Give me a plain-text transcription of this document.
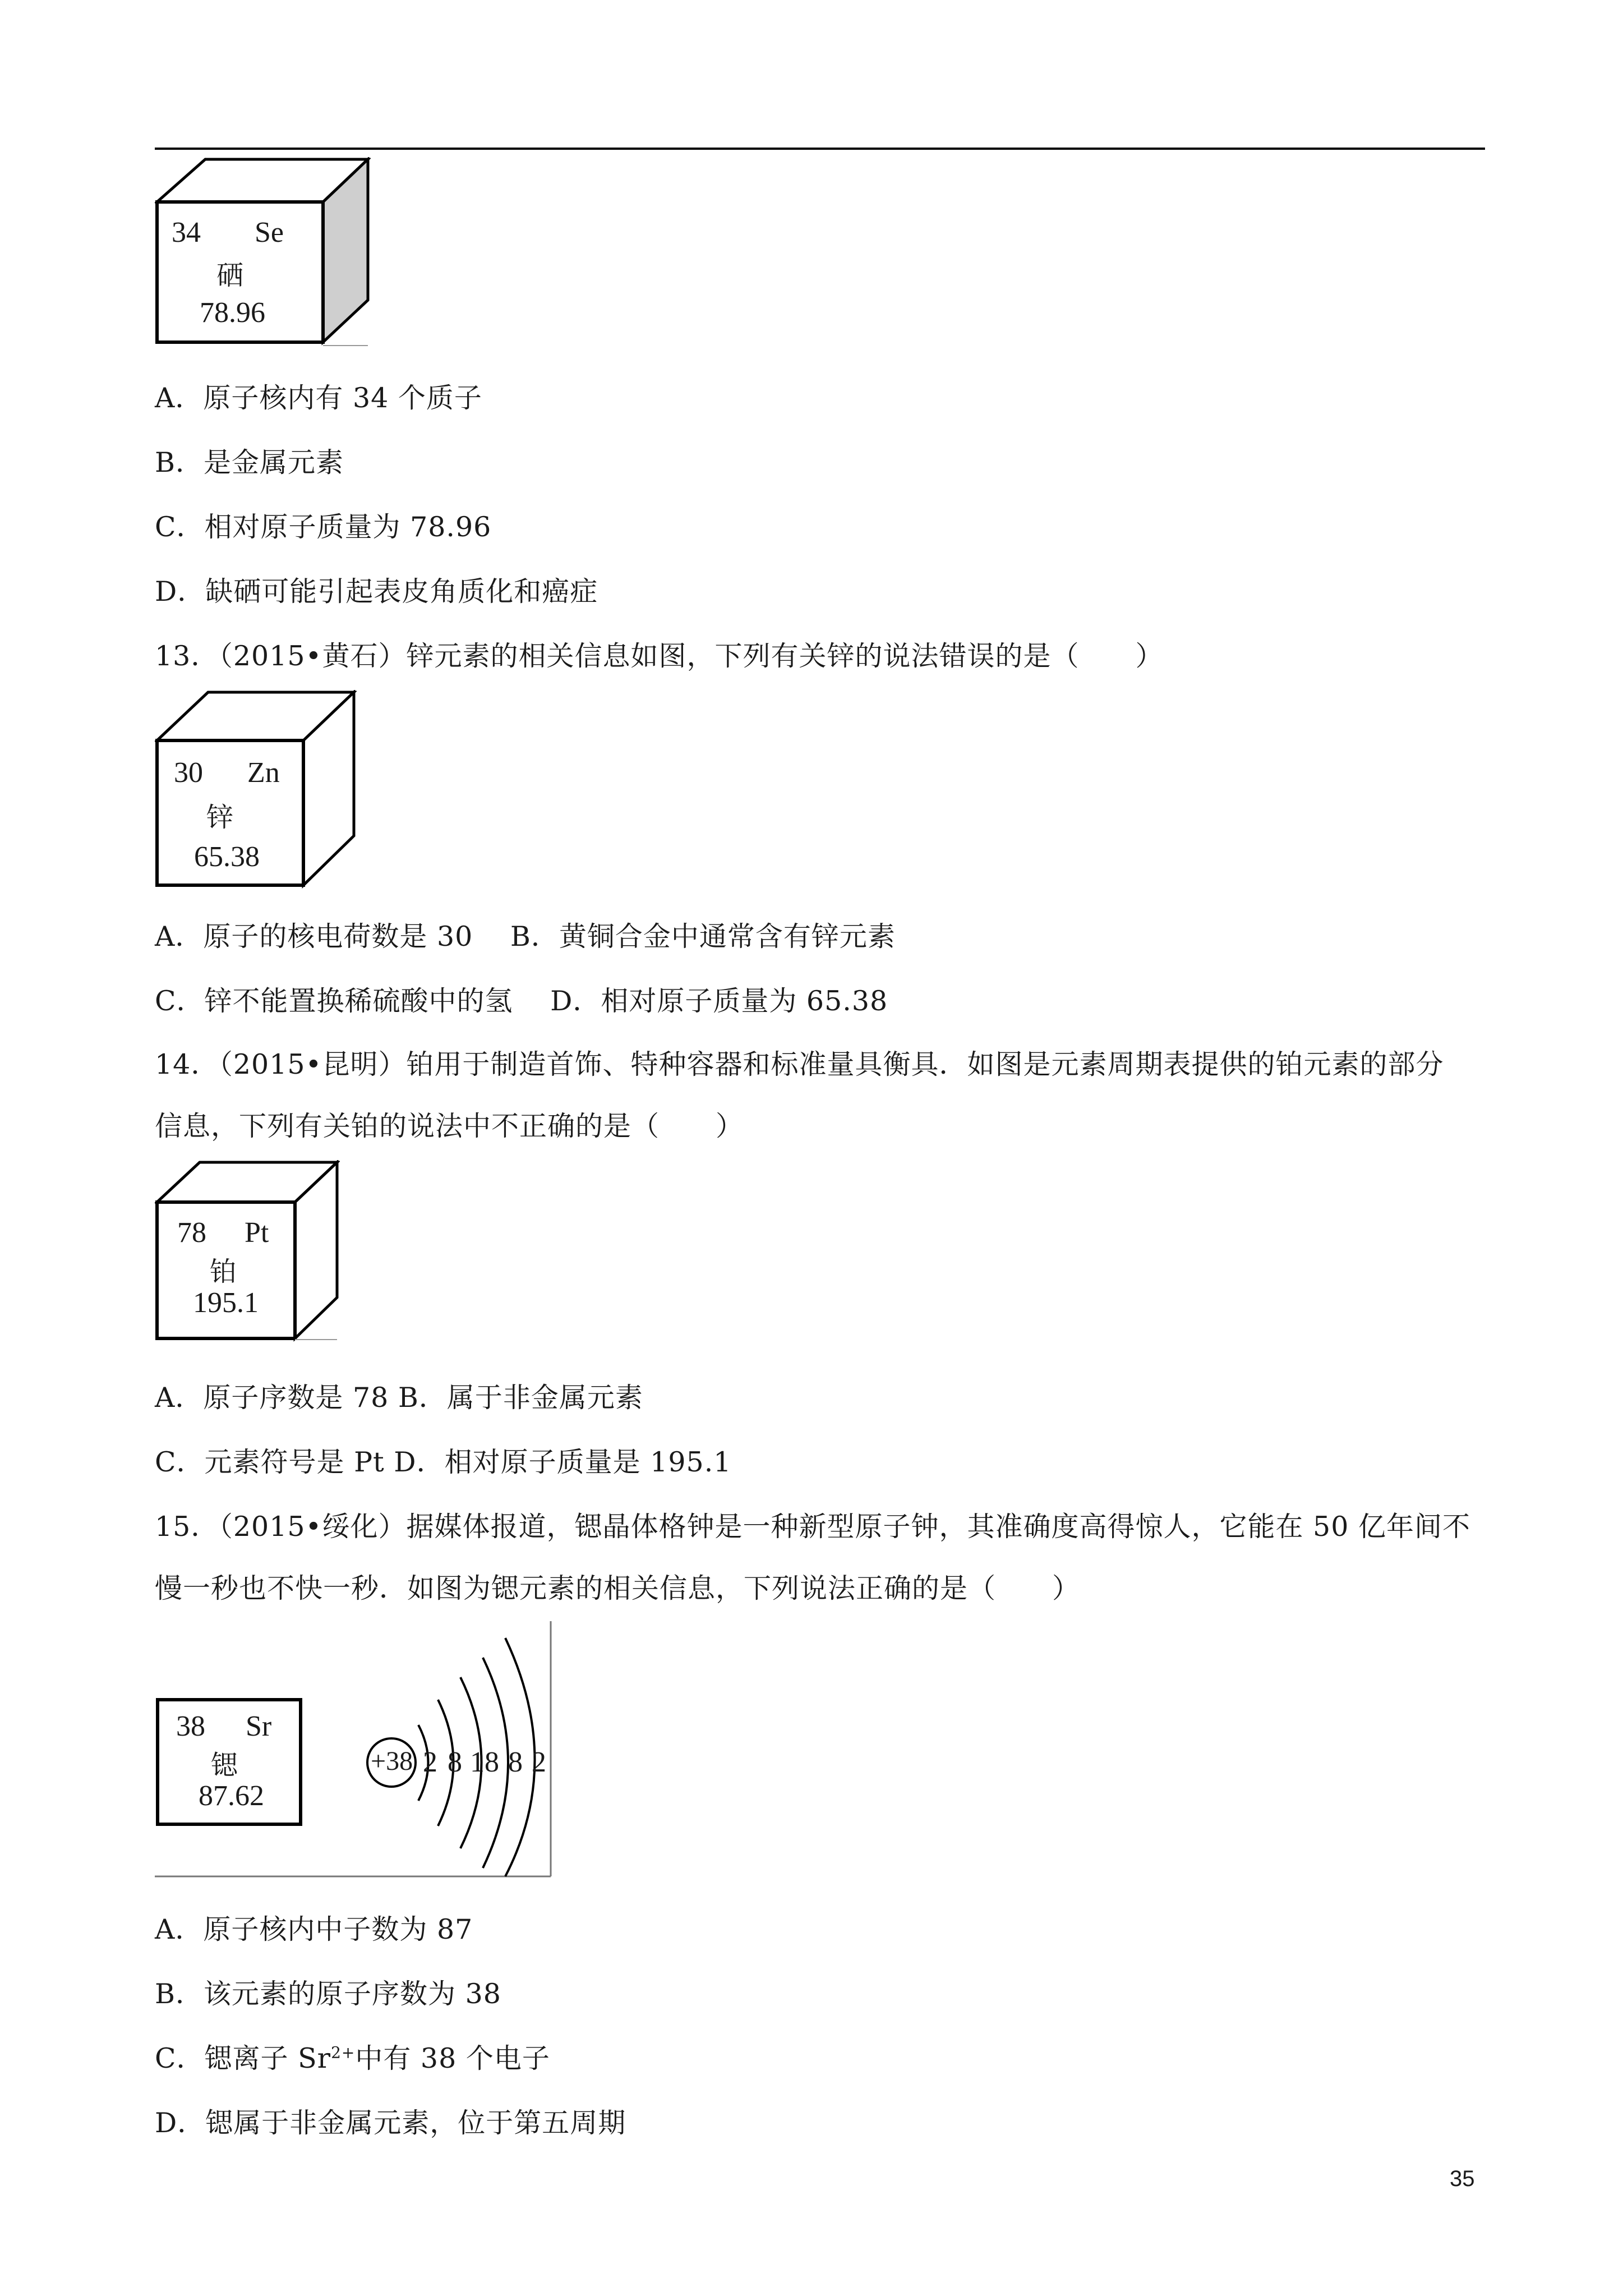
34 Se
硒
78.96
A．原子核内有 34 个质子
B．是金属元素
C．相对原子质量为 78.96
D．缺硒可能引起表皮角质化和癌症
13．（2015•黄石）锌元素的相关信息如图，下列有关锌的说法错误的是（　　）
30 Zn
锌
65.38
A．原子的核电荷数是 30　 B．黄铜合金中通常含有锌元素
C．锌不能置换稀硫酸中的氢　 D．相对原子质量为 65.38
14．（2015•昆明）铂用于制造首饰、特种容器和标准量具衡具．如图是元素周期表提供的铂元素的部分
信息，下列有关铂的说法中不正确的是（　　）
78 Pt
铂
195.1
A．原子序数是 78 B．属于非金属元素
C．元素符号是 Pt D．相对原子质量是 195.1
15．（2015•绥化）据媒体报道，锶晶体格钟是一种新型原子钟，其准确度高得惊人，它能在 50 亿年间不
慢一秒也不快一秒．如图为锶元素的相关信息，下列说法正确的是（　　）
38 Sr
锶
87.62
+38 2 8 18 8 2
A．原子核内中子数为 87
B．该元素的原子序数为 38
C．锶离子 $Sr^{2+}$中有 38 个电子
D．锶属于非金属元素，位于第五周期
35
